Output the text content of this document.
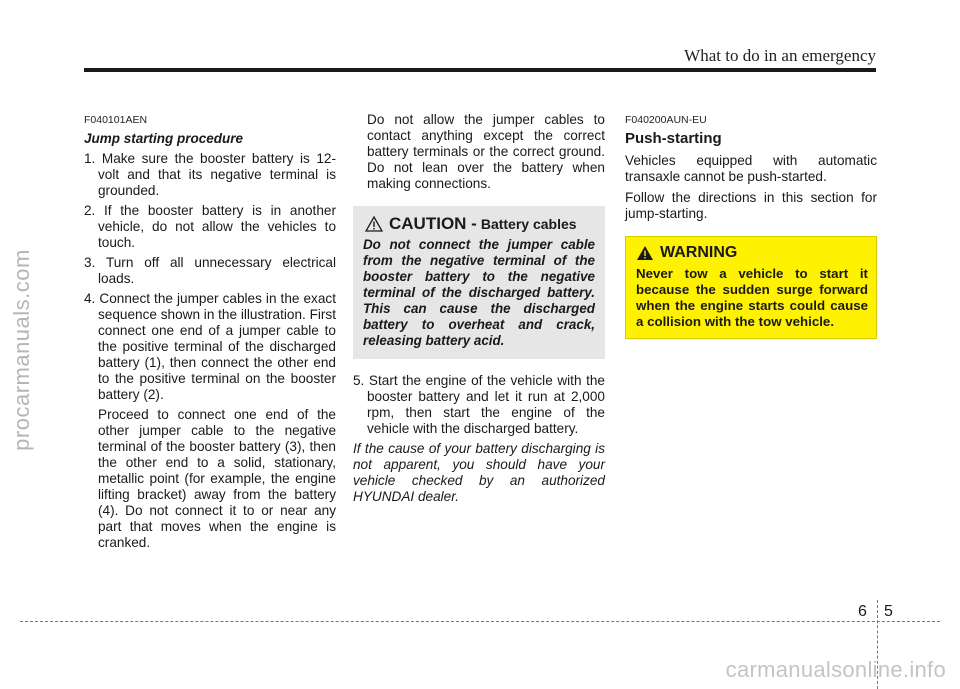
What to do in an emergency
procarmanuals.com
F040101AEN
Jump starting procedure
1. Make sure the booster battery is 12-volt and that its negative terminal is grounded.
2. If the booster battery is in another vehicle, do not allow the vehicles to touch.
3. Turn off all unnecessary electrical loads.
4. Connect the jumper cables in the exact sequence shown in the illustration. First connect one end of a jumper cable to the positive terminal of the discharged battery (1), then connect the other end to the positive terminal on the booster battery (2).
Proceed to connect one end of the other jumper cable to the negative terminal of the booster battery (3), then the other end to a solid, stationary, metallic point (for example, the engine lifting bracket) away from the battery (4). Do not connect it to or near any part that moves when the engine is cranked.
Do not allow the jumper cables to contact anything except the correct battery terminals or the correct ground. Do not lean over the battery when making connections.
CAUTION - Battery cables
Do not connect the jumper cable from the negative terminal of the booster battery to the negative terminal of the discharged battery. This can cause the discharged battery to overheat and crack, releasing battery acid.
5. Start the engine of the vehicle with the booster battery and let it run at 2,000 rpm, then start the engine of the vehicle with the discharged battery.
If the cause of your battery discharging is not apparent, you should have your vehicle checked by an authorized HYUNDAI dealer.
F040200AUN-EU
Push-starting

Vehicles equipped with automatic transaxle cannot be push-started.

Follow the directions in this section for jump-starting.

WARNING
Never tow a vehicle to start it because the sudden surge forward when the engine starts could cause a collision with the tow vehicle.
6 5
carmanualsonline.info
